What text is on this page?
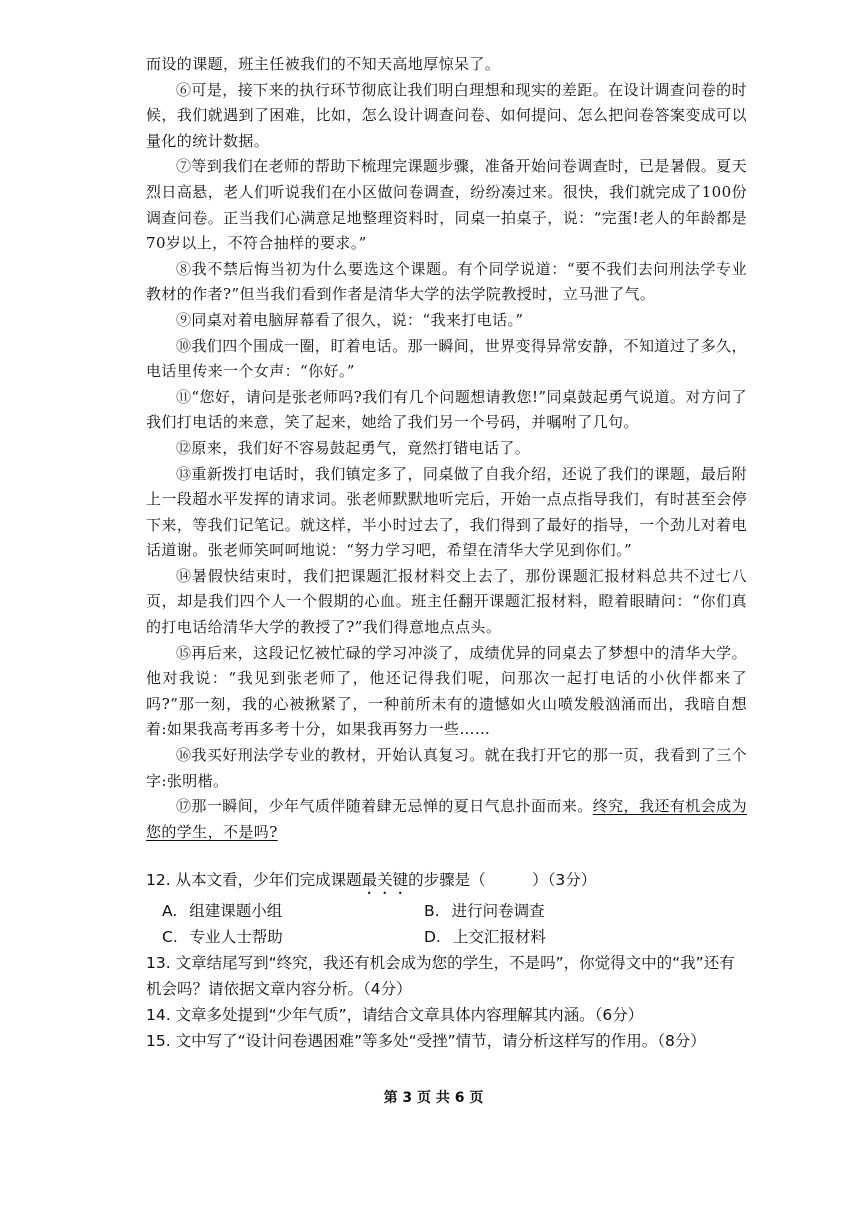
而设的课题，班主任被我们的不知天高地厚惊呆了。

⑥可是，接下来的执行环节彻底让我们明白理想和现实的差距。在设计调查问卷的时候，我们就遇到了困难，比如，怎么设计调查问卷、如何提问、怎么把问卷答案变成可以量化的统计数据。

⑦等到我们在老师的帮助下梳理完课题步骤，准备开始问卷调查时，已是暑假。夏天烈日高悬，老人们听说我们在小区做问卷调查，纷纷凑过来。很快，我们就完成了100份调查问卷。正当我们心满意足地整理资料时，同桌一拍桌子，说：“完蛋!老人的年龄都是70岁以上，不符合抽样的要求。”

⑧我不禁后悔当初为什么要选这个课题。有个同学说道：“要不我们去问刑法学专业教材的作者?”但当我们看到作者是清华大学的法学院教授时，立马泄了气。

⑨同桌对着电脑屏幕看了很久，说：“我来打电话。”

⑩我们四个围成一圈，盯着电话。那一瞬间，世界变得异常安静，不知道过了多久，电话里传来一个女声：“你好。”

⑪“您好，请问是张老师吗?我们有几个问题想请教您!”同桌鼓起勇气说道。对方问了我们打电话的来意，笑了起来，她给了我们另一个号码，并嘱咐了几句。

⑫原来，我们好不容易鼓起勇气，竟然打错电话了。

⑬重新拨打电话时，我们镇定多了，同桌做了自我介绍，还说了我们的课题，最后附上一段超水平发挥的请求词。张老师默默地听完后，开始一点点指导我们，有时甚至会停下来，等我们记笔记。就这样，半小时过去了，我们得到了最好的指导，一个劲儿对着电话道谢。张老师笑呵呵地说：“努力学习吧，希望在清华大学见到你们。”

⑭暑假快结束时，我们把课题汇报材料交上去了，那份课题汇报材料总共不过七八页，却是我们四个人一个假期的心血。班主任翻开课题汇报材料，瞪着眼睛问：“你们真的打电话给清华大学的教授了?”我们得意地点点头。

⑮再后来，这段记忆被忙碌的学习冲淡了，成绩优异的同桌去了梦想中的清华大学。他对我说：“我见到张老师了，他还记得我们呢，问那次一起打电话的小伙伴都来了吗?”那一刻，我的心被揪紧了，一种前所未有的遗憾如火山喷发般汹涌而出，我暗自想着:如果我高考再多考十分，如果我再努力一些……

⑯我买好刑法学专业的教材，开始认真复习。就在我打开它的那一页，我看到了三个字:张明楷。

⑰那一瞬间，少年气质伴随着肆无忌惮的夏日气息扑面而来。终究，我还有机会成为您的学生，不是吗?

12. 从本文看，少年们完成课题最关键的步骤是（　　　）（3分）

A. 组建课题小组	B. 进行问卷调查
C. 专业人士帮助	D. 上交汇报材料

13. 文章结尾写到“终究，我还有机会成为您的学生，不是吗”，你觉得文中的“我”还有机会吗？请依据文章内容分析。（4分）

14. 文章多处提到“少年气质”，请结合文章具体内容理解其内涵。（6分）

15. 文中写了“设计问卷遇困难”等多处“受挫”情节，请分析这样写的作用。（8分）

第 3 页 共 6 页
